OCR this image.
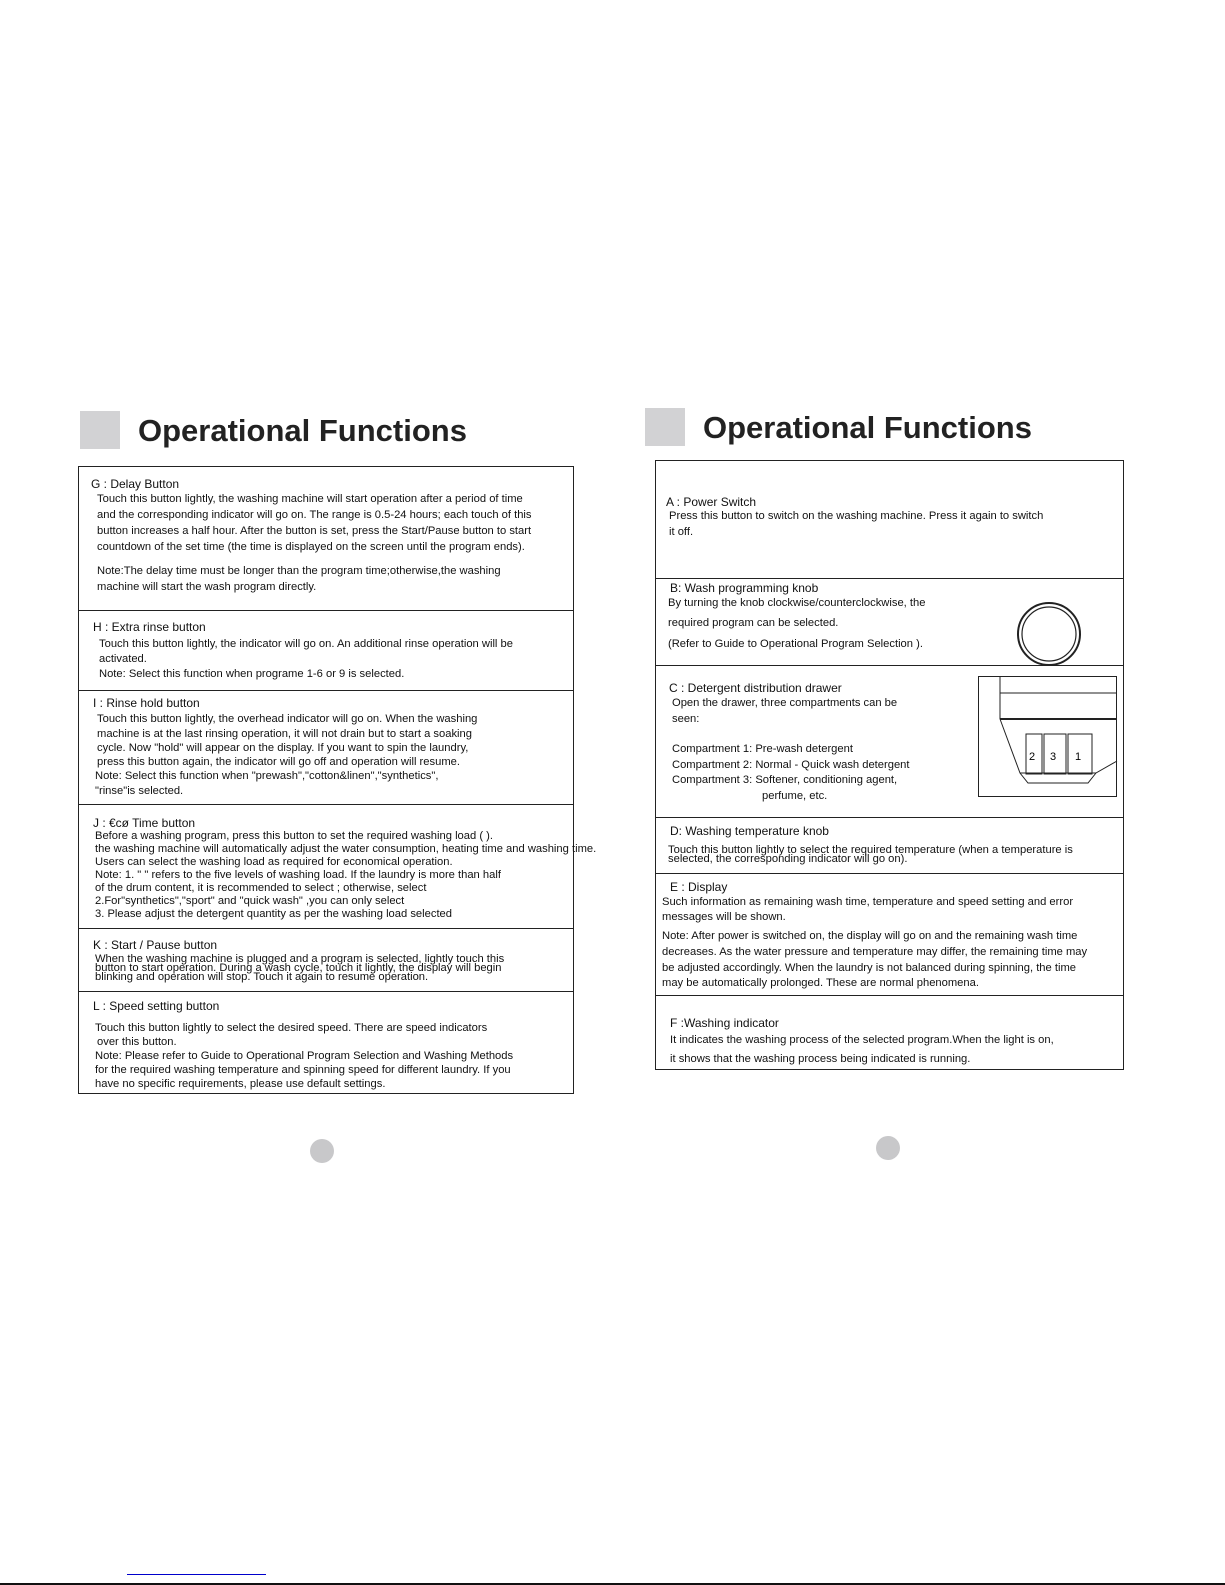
Operational Functions
G : Delay Button
Touch this button lightly, the washing machine will start operation after a period of time
and the corresponding indicator will go on. The range is 0.5-24 hours; each touch of this
button increases a half hour. After the button is set, press the Start/Pause button to start
countdown of the set time (the time is displayed on the screen until the program ends).
Note:The delay time must be longer than the program time;otherwise,the washing
machine will start the wash program directly.
H : Extra rinse button
Touch this button lightly, the indicator will go on. An additional rinse operation will be
activated.
Note: Select this function when programe 1-6 or 9 is selected.
I : Rinse hold button
Touch this button lightly, the overhead indicator will go on. When the washing
machine is at the last rinsing operation, it will not drain but to start a soaking
cycle. Now "hold" will appear on the display. If you want to spin the laundry,
press this button again, the indicator will go off and operation will resume.
Note: Select this function when "prewash","cotton&linen","synthetics",
"rinse"is selected.
J : €cø Time button
Before a washing program, press this button to set the required washing load ( ).
the washing machine will automatically adjust the water consumption, heating time and washing time.
Users can select the washing load as required for economical operation.
Note: 1. " " refers to the five levels of washing load. If the laundry is more than half
of the drum content, it is recommended to select ; otherwise, select
2.For"synthetics","sport" and "quick wash" ,you can only select
3. Please adjust the detergent quantity as per the washing load selected
K : Start / Pause button
When the washing machine is plugged and a program is selected, lightly touch this
button to start operation. During a wash cycle, touch it lightly, the display will begin
blinking and operation will stop. Touch it again to resume operation.
L : Speed setting button
Touch this button lightly to select the desired speed. There are speed indicators
over this button.
Note: Please refer to Guide to Operational Program Selection and Washing Methods
for the required washing temperature and spinning speed for different laundry. If you
have no specific requirements, please use default settings.
Operational Functions
A : Power Switch
Press this button to switch on the washing machine. Press it again to switch
it off.
B: Wash programming knob
By turning the knob clockwise/counterclockwise, the
required program can be selected.
(Refer to Guide to Operational Program Selection ).
C : Detergent distribution drawer
Open the drawer, three compartments can be
seen:
Compartment 1: Pre-wash detergent
Compartment 2: Normal - Quick wash detergent
Compartment 3: Softener, conditioning agent,
perfume, etc.
2 3 1
D: Washing temperature knob
Touch this button lightly to select the required temperature (when a temperature is
selected, the corresponding indicator will go on).
E : Display
Such information as remaining wash time, temperature and speed setting and error
messages will be shown.
Note: After power is switched on, the display will go on and the remaining wash time
decreases. As the water pressure and temperature may differ, the remaining time may
be adjusted accordingly. When the laundry is not balanced during spinning, the time
may be automatically prolonged. These are normal phenomena.
F :Washing indicator
It indicates the washing process of the selected program.When the light is on,
it shows that the washing process being indicated is running.
